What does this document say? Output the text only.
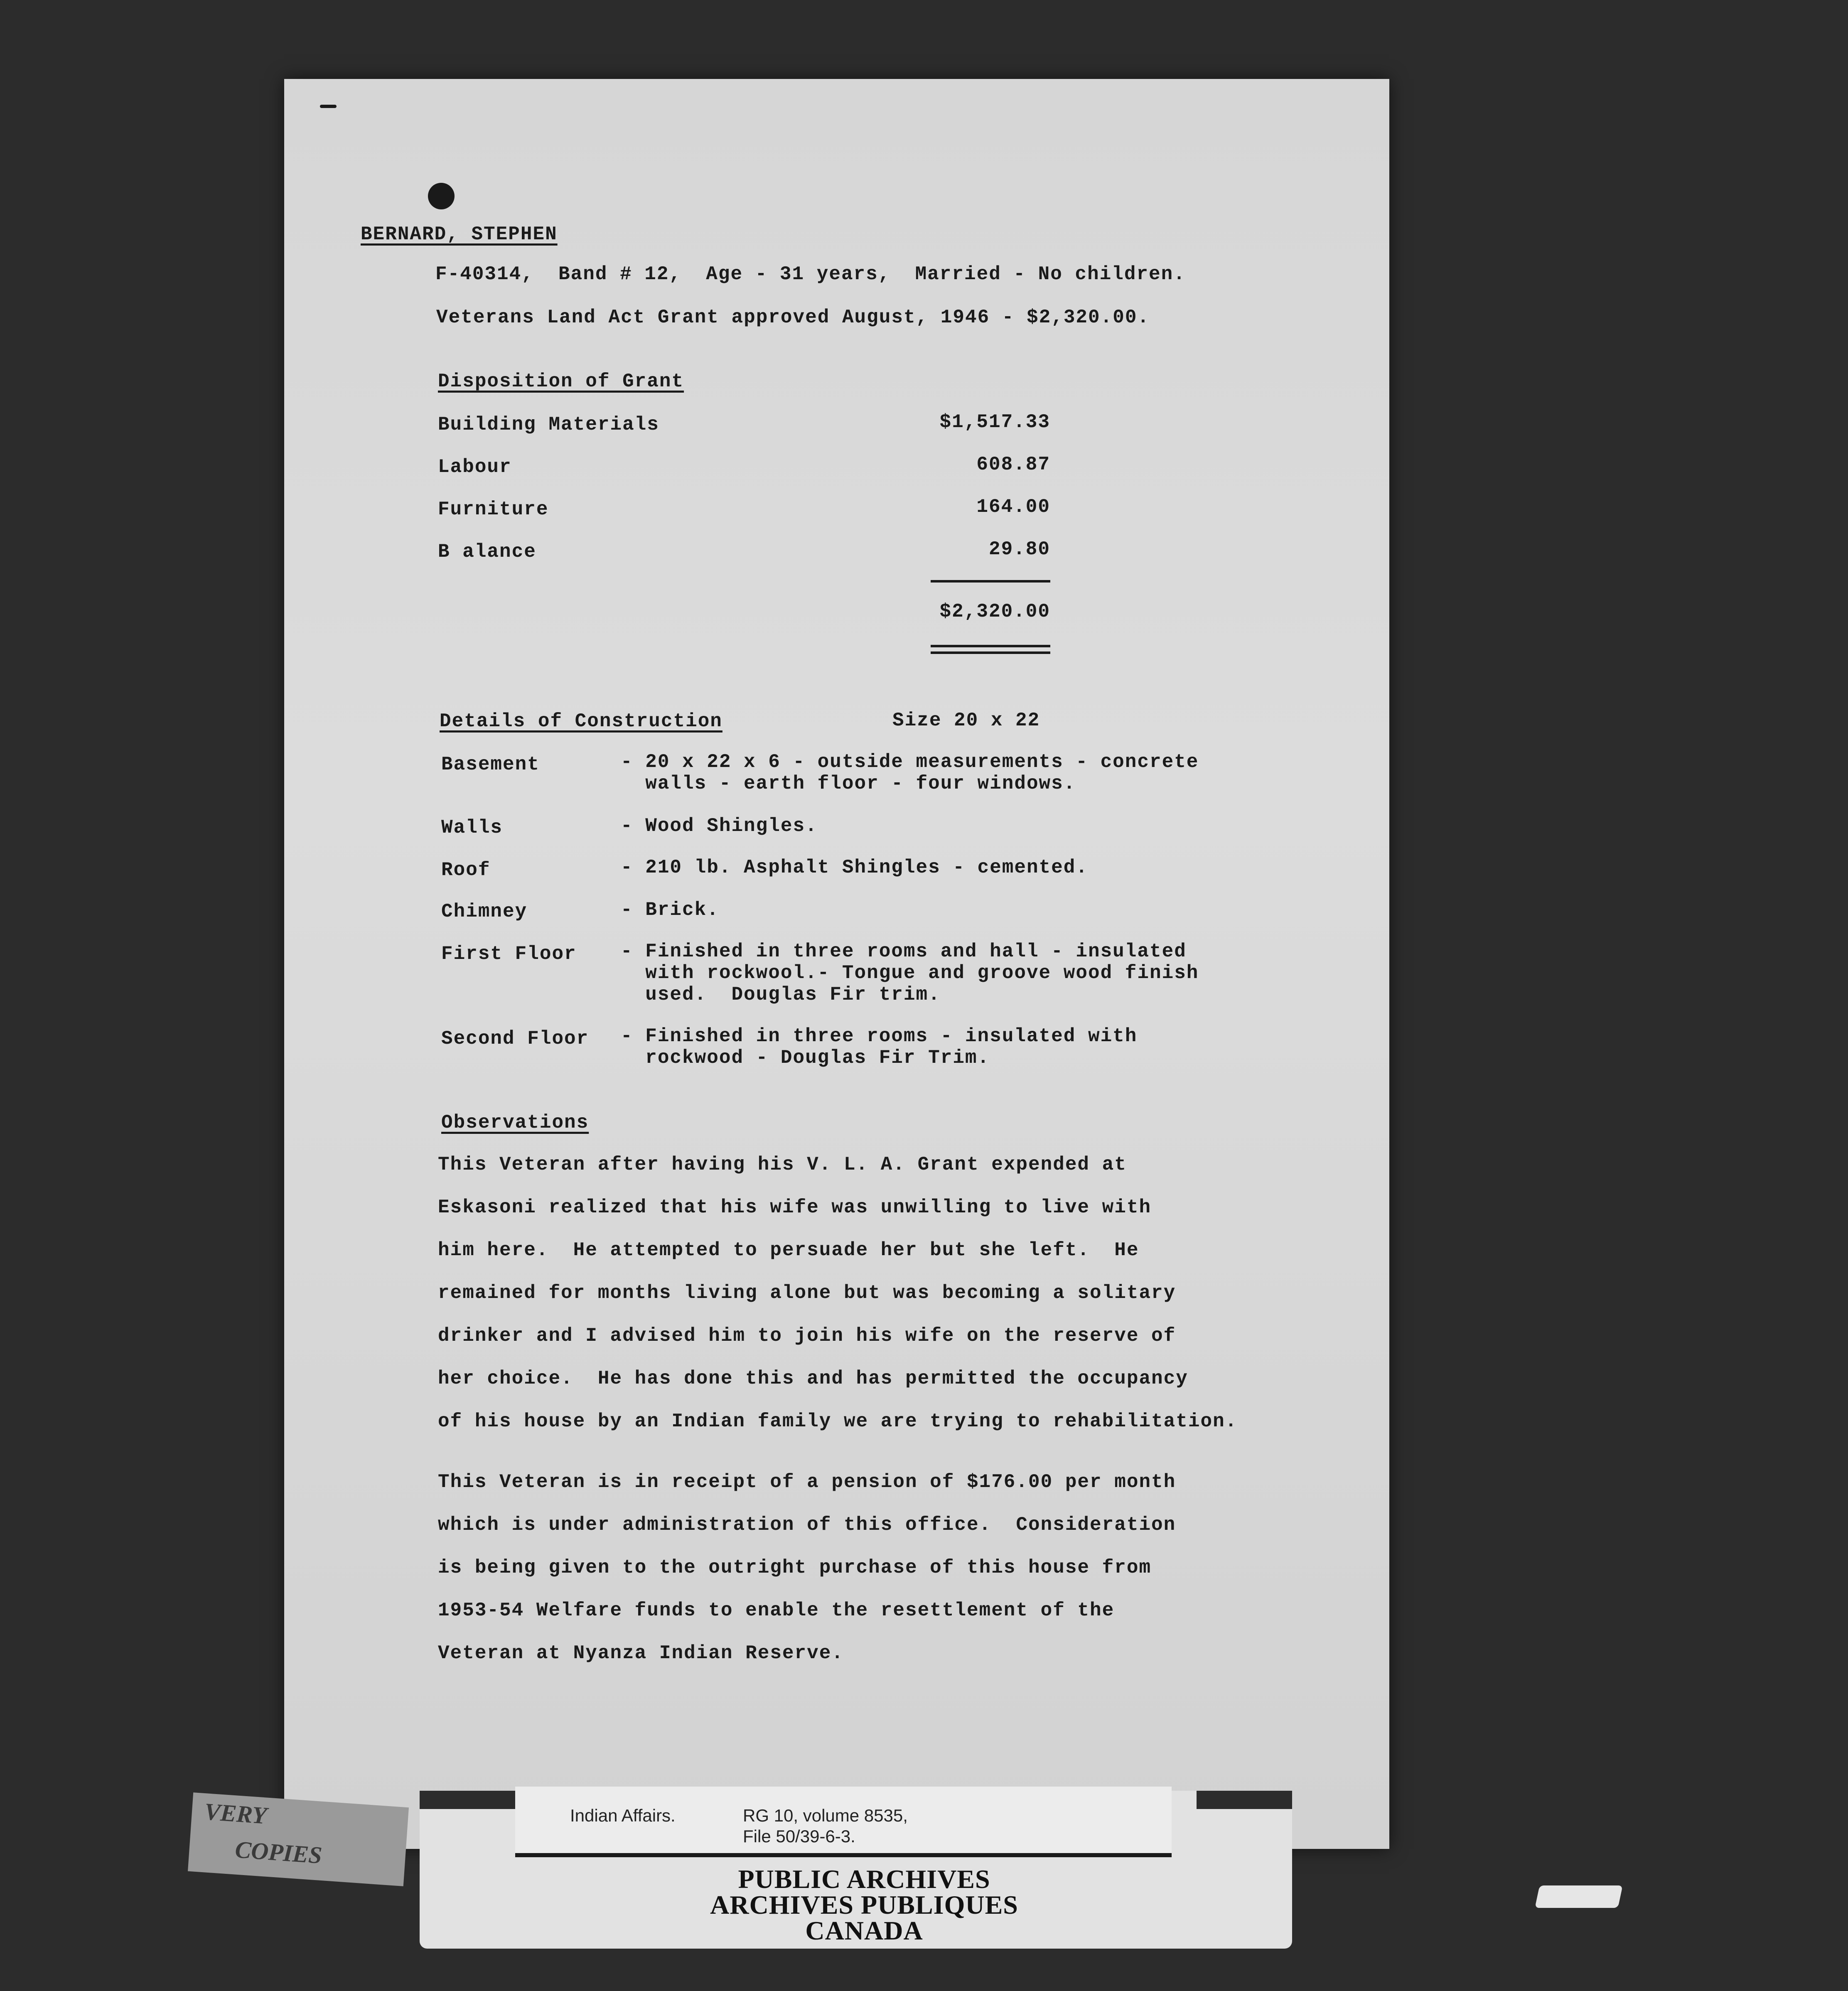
BERNARD, STEPHEN
F-40314,  Band # 12,  Age - 31 years,  Married - No children.
Veterans Land Act Grant approved August, 1946 - $2,320.00.
Disposition of Grant
Building Materials	$1,517.33
Labour	608.87
Furniture	164.00
B alance	29.80
$2,320.00
Details of Construction	Size 20 x 22
Basement	- 20 x 22 x 6 - outside measurements - concrete
walls - earth floor - four windows.
Walls	- Wood Shingles.
Roof	- 210 lb. Asphalt Shingles - cemented.
Chimney	- Brick.
First Floor - Finished in three rooms and hall - insulated
with rockwool.- Tongue and groove wood finish
used.  Douglas Fir trim.
Second Floor - Finished in three rooms - insulated with
rockwood - Douglas Fir Trim.
Observations
This Veteran after having his V. L. A. Grant expended at
Eskasoni realized that his wife was unwilling to live with
him here.  He attempted to persuade her but she left.  He
remained for months living alone but was becoming a solitary
drinker and I advised him to join his wife on the reserve of
her choice.  He has done this and has permitted the occupancy
of his house by an Indian family we are trying to rehabilitation.
This Veteran is in receipt of a pension of $176.00 per month
which is under administration of this office.  Consideration
is being given to the outright purchase of this house from
1953-54 Welfare funds to enable the resettlement of the
Veteran at Nyanza Indian Reserve.
VERY
COPIES
Indian Affairs.	RG 10, volume 8535,
File 50/39-6-3.
PUBLIC ARCHIVES
ARCHIVES PUBLIQUES
CANADA
